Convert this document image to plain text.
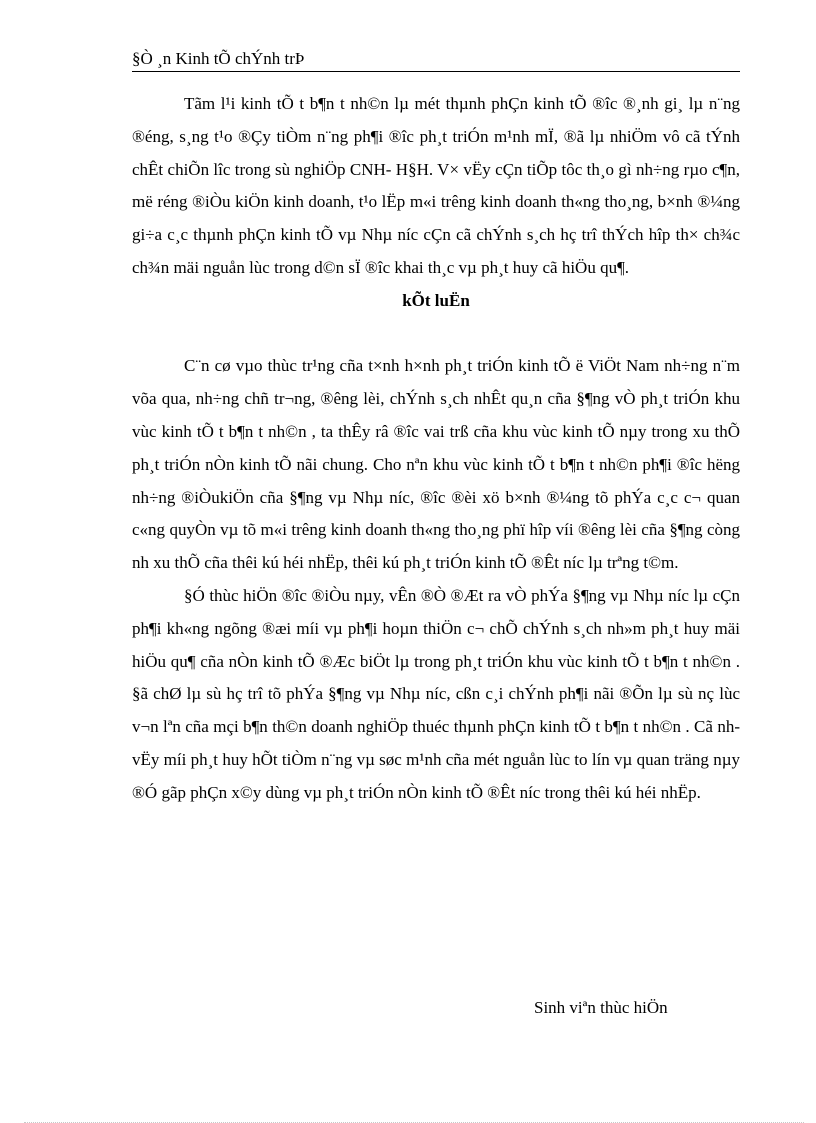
§Ò ¸n Kinh tÕ chÝnh trÞ

Tãm l¹i kinh tÕ t b¶n t nh©n lµ mét thµnh phÇn kinh tÕ ®îc ®¸nh gi¸ lµ n¨ng ®éng, s¸ng t¹o ®Çy tiÒm n¨ng ph¶i ®îc ph¸t triÓn m¹nh mÏ, ®ã lµ nhiÖm vô cã tÝnh chÊt chiÕn lîc trong sù nghiÖp CNH- H§H. V× vËy cÇn tiÕp tôc th¸o gì nh÷ng rµo c¶n, më réng ®iÒu kiÖn kinh doanh, t¹o lËp m«i trêng kinh doanh th«ng tho¸ng, b×nh ®¼ng gi÷a c¸c thµnh phÇn kinh tÕ vµ Nhµ níc cÇn cã chÝnh s¸ch hç trî thÝch hîp th× ch¾c ch¾n mäi nguån lùc trong d©n sÏ ®îc khai th¸c vµ ph¸t huy cã hiÖu qu¶.

kÕt luËn

C¨n cø vµo thùc tr¹ng cña t×nh h×nh ph¸t triÓn kinh tÕ ë ViÖt Nam nh÷ng n¨m võa qua, nh÷ng chñ tr¬ng, ®êng lèi, chÝnh s¸ch nhÊt qu¸n cña §¶ng vÒ ph¸t triÓn khu vùc kinh tÕ t b¶n t nh©n , ta thÊy râ ®îc vai trß cña khu vùc kinh tÕ nµy trong xu thÕ ph¸t triÓn nÒn kinh tÕ nãi chung. Cho nªn khu vùc kinh tÕ t b¶n t nh©n ph¶i ®îc hëng nh÷ng ®iÒukiÖn cña §¶ng vµ Nhµ níc, ®îc ®èi xö b×nh ®¼ng tõ phÝa c¸c c¬ quan c«ng quyÒn vµ tõ m«i trêng kinh doanh th«ng tho¸ng phï hîp víi ®êng lèi cña §¶ng còng nh xu thÕ cña thêi kú héi nhËp, thêi kú ph¸t triÓn kinh tÕ ®Êt níc lµ trªng t©m.

§Ó thùc hiÖn ®îc ®iÒu nµy, vÊn ®Ò ®Æt ra vÒ phÝa §¶ng vµ Nhµ níc lµ cÇn ph¶i kh«ng ngõng ®æi míi vµ ph¶i hoµn thiÖn c¬ chÕ chÝnh s¸ch nh»m ph¸t huy mäi hiÖu qu¶ cña nÒn kinh tÕ ®Æc biÖt lµ trong ph¸t triÓn khu vùc kinh tÕ t b¶n t nh©n . §ã chØ lµ sù hç trî tõ phÝa §¶ng vµ Nhµ níc, cßn c¸i chÝnh ph¶i nãi ®Õn lµ sù nç lùc v¬n lªn cña mçi b¶n th©n doanh nghiÖp thuéc thµnh phÇn kinh tÕ t b¶n t nh©n . Cã nh vËy míi ph¸t huy hÕt tiÒm n¨ng vµ søc m¹nh cña mét nguån lùc to lín vµ quan träng nµy ®Ó gãp phÇn x©y dùng vµ ph¸t triÓn nÒn kinh tÕ ®Êt níc trong thêi kú héi nhËp.

Sinh viªn thùc hiÖn
